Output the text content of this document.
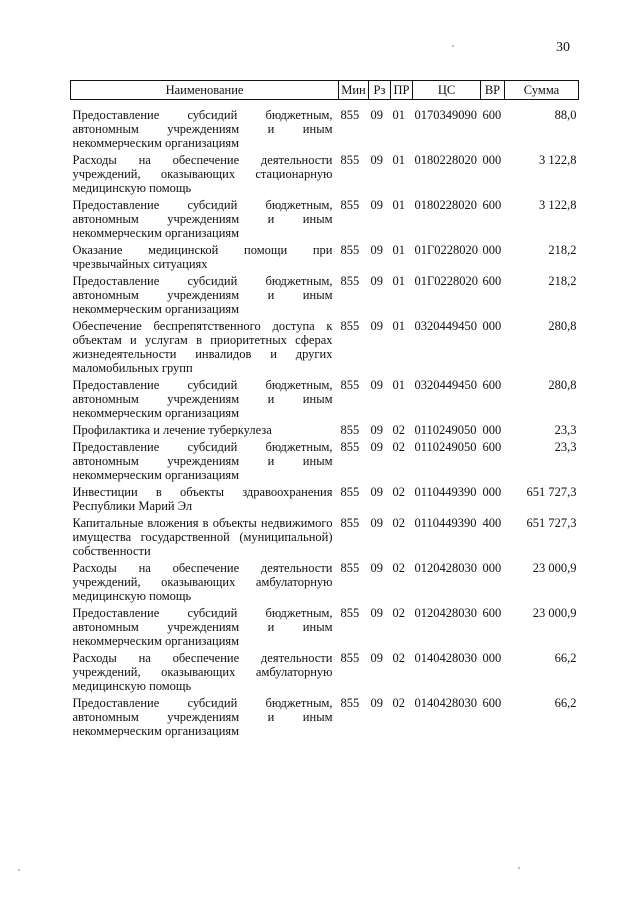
30
Наименование	Мин	Рз	ПР	ЦС	ВР	Сумма

Предоставление субсидий бюджетным, автономным учреждениям и иным некоммерческим организациям	855	09	01	0170349090	600	88,0
Расходы на обеспечение деятельности учреждений, оказывающих стационарную медицинскую помощь	855	09	01	0180228020	000	3 122,8
Предоставление субсидий бюджетным, автономным учреждениям и иным некоммерческим организациям	855	09	01	0180228020	600	3 122,8
Оказание медицинской помощи при чрезвычайных ситуациях	855	09	01	01Г0228020	000	218,2
Предоставление субсидий бюджетным, автономным учреждениям и иным некоммерческим организациям	855	09	01	01Г0228020	600	218,2
Обеспечение беспрепятственного доступа к объектам и услугам в приоритетных сферах жизнедеятельности инвалидов и других маломобильных групп	855	09	01	0320449450	000	280,8
Предоставление субсидий бюджетным, автономным учреждениям и иным некоммерческим организациям	855	09	01	0320449450	600	280,8
Профилактика и лечение туберкулеза	855	09	02	0110249050	000	23,3
Предоставление субсидий бюджетным, автономным учреждениям и иным некоммерческим организациям	855	09	02	0110249050	600	23,3
Инвестиции в объекты здравоохранения Республики Марий Эл	855	09	02	0110449390	000	651 727,3
Капитальные вложения в объекты недвижимого имущества государственной (муниципальной) собственности	855	09	02	0110449390	400	651 727,3
Расходы на обеспечение деятельности учреждений, оказывающих амбулаторную медицинскую помощь	855	09	02	0120428030	000	23 000,9
Предоставление субсидий бюджетным, автономным учреждениям и иным некоммерческим организациям	855	09	02	0120428030	600	23 000,9
Расходы на обеспечение деятельности учреждений, оказывающих амбулаторную медицинскую помощь	855	09	02	0140428030	000	66,2
Предоставление субсидий бюджетным, автономным учреждениям и иным некоммерческим организациям	855	09	02	0140428030	600	66,2
